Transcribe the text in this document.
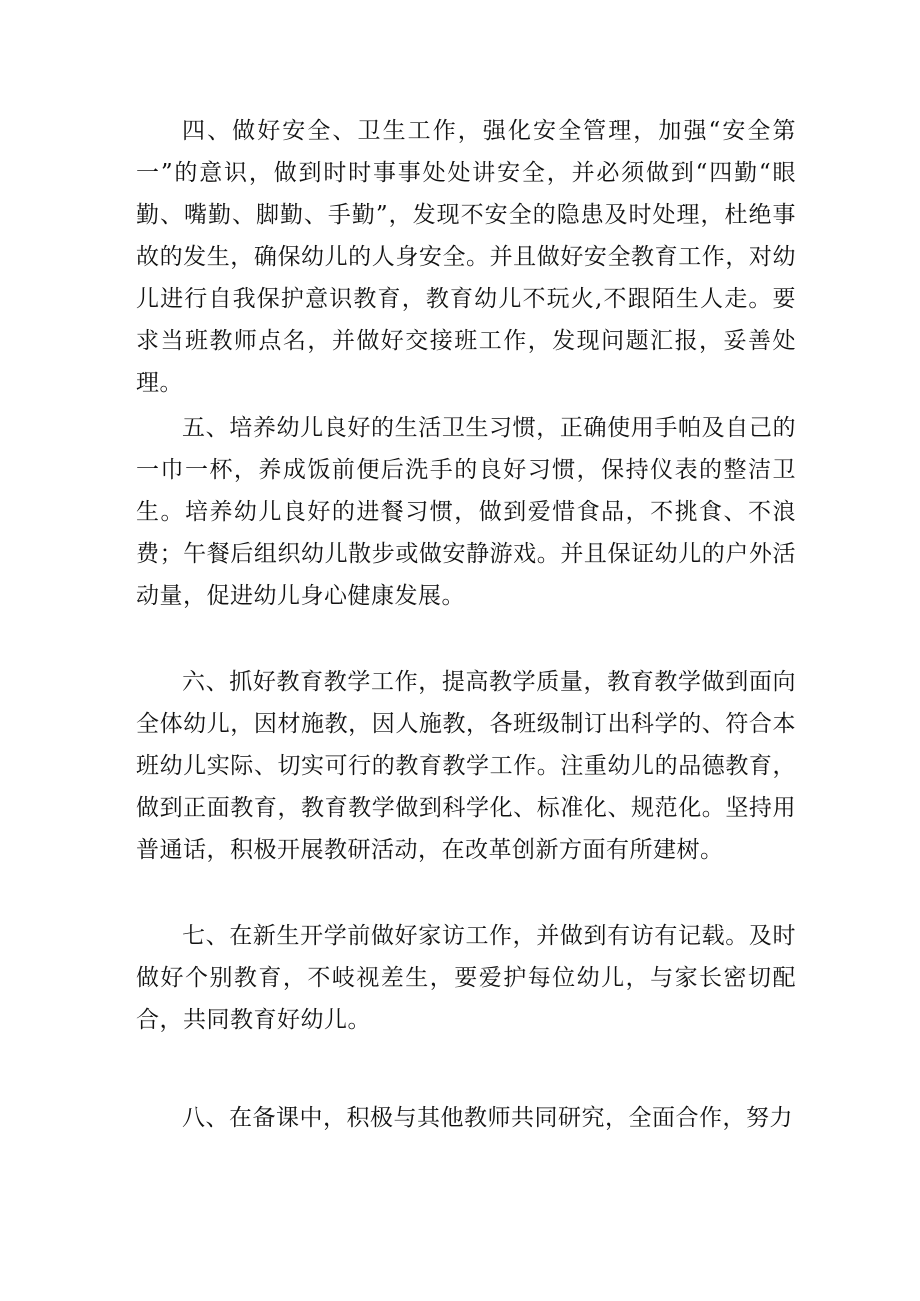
四、做好安全、卫生工作，强化安全管理，加强“安全第一”的意识，做到时时事事处处讲安全，并必须做到“四勤“眼勤、嘴勤、脚勤、手勤”，发现不安全的隐患及时处理，杜绝事故的发生，确保幼儿的人身安全。并且做好安全教育工作，对幼儿进行自我保护意识教育，教育幼儿不玩火,不跟陌生人走。要求当班教师点名，并做好交接班工作，发现问题汇报，妥善处理。

五、培养幼儿良好的生活卫生习惯，正确使用手帕及自己的一巾一杯，养成饭前便后洗手的良好习惯，保持仪表的整洁卫生。培养幼儿良好的进餐习惯，做到爱惜食品，不挑食、不浪费；午餐后组织幼儿散步或做安静游戏。并且保证幼儿的户外活动量，促进幼儿身心健康发展。

六、抓好教育教学工作，提高教学质量，教育教学做到面向全体幼儿，因材施教，因人施教，各班级制订出科学的、符合本班幼儿实际、切实可行的教育教学工作。注重幼儿的品德教育，做到正面教育，教育教学做到科学化、标准化、规范化。坚持用普通话，积极开展教研活动，在改革创新方面有所建树。

七、在新生开学前做好家访工作，并做到有访有记载。及时做好个别教育，不岐视差生，要爱护每位幼儿，与家长密切配合，共同教育好幼儿。

八、在备课中，积极与其他教师共同研究，全面合作，努力
